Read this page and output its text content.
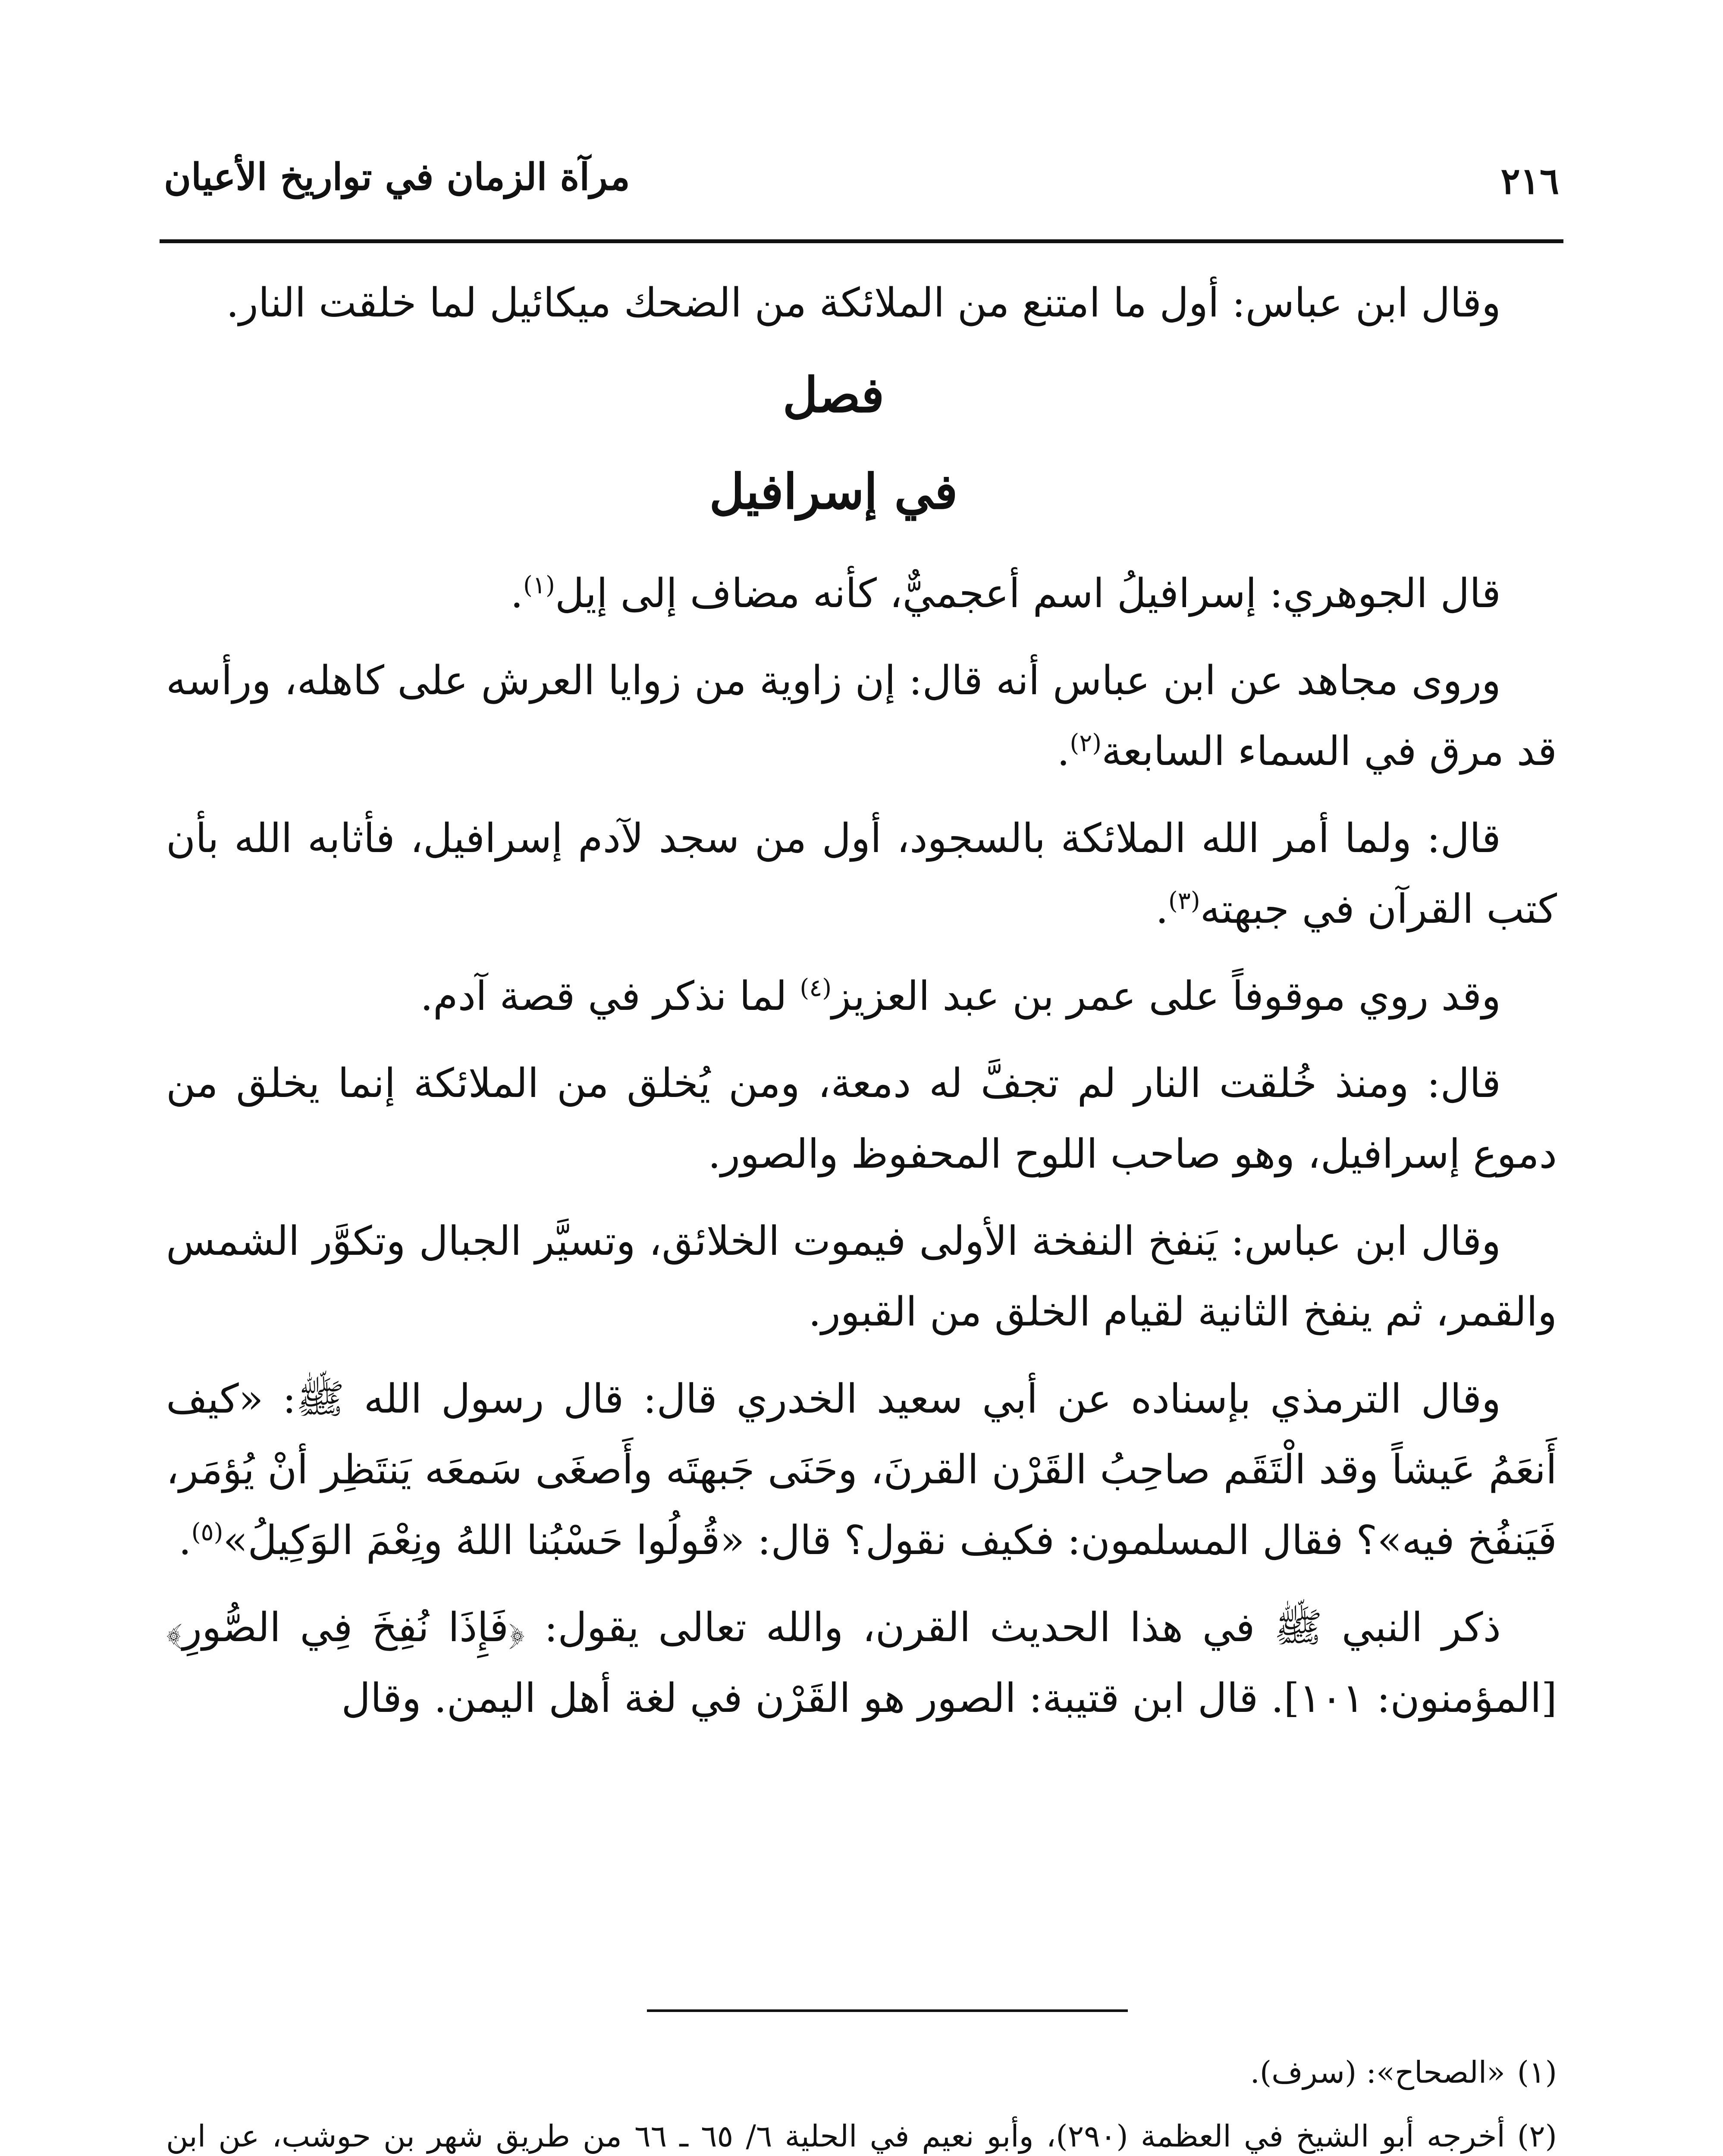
٢١٦
مرآة الزمان في تواريخ الأعيان

وقال ابن عباس: أول ما امتنع من الملائكة من الضحك ميكائيل لما خلقت النار.

فصل

في إسرافيل

قال الجوهري: إسرافيلُ اسم أعجميٌّ، كأنه مضاف إلى إيل$^{(١)}$.

وروى مجاهد عن ابن عباس أنه قال: إن زاوية من زوايا العرش على كاهله، ورأسه قد مرق في السماء السابعة$^{(٢)}$.

قال: ولما أمر الله الملائكة بالسجود، أول من سجد لآدم إسرافيل، فأثابه الله بأن كتب القرآن في جبهته$^{(٣)}$.

وقد روي موقوفاً على عمر بن عبد العزيز$^{(٤)}$ لما نذكر في قصة آدم.

قال: ومنذ خُلقت النار لم تجفَّ له دمعة، ومن يُخلق من الملائكة إنما يخلق من دموع إسرافيل، وهو صاحب اللوح المحفوظ والصور.

وقال ابن عباس: يَنفخ النفخة الأولى فيموت الخلائق، وتسيَّر الجبال وتكوَّر الشمس والقمر، ثم ينفخ الثانية لقيام الخلق من القبور.

وقال الترمذي بإسناده عن أبي سعيد الخدري قال: قال رسول الله ﷺ: «كيف أَنعَمُ عَيشاً وقد الْتَقَم صاحِبُ القَرْن القرنَ، وحَنَى جَبهتَه وأَصغَى سَمعَه يَنتَظِر أنْ يُؤمَر، فَيَنفُخ فيه»؟ فقال المسلمون: فكيف نقول؟ قال: «قُولُوا حَسْبُنا اللهُ ونِعْمَ الوَكِيلُ»$^{(٥)}$.

ذكر النبي ﷺ في هذا الحديث القرن، والله تعالى يقول: ﴿فَإِذَا نُفِخَ فِي الصُّورِ﴾[المؤمنون: ١٠١]. قال ابن قتيبة: الصور هو القَرْن في لغة أهل اليمن. وقال

(١)«الصحاح»: (سرف).

(٢)أخرجه أبو الشيخ في العظمة (٢٩٠)، وأبو نعيم في الحلية ٦/ ٦٥ ـ ٦٦ من طريق شهر بن حوشب، عن ابن
